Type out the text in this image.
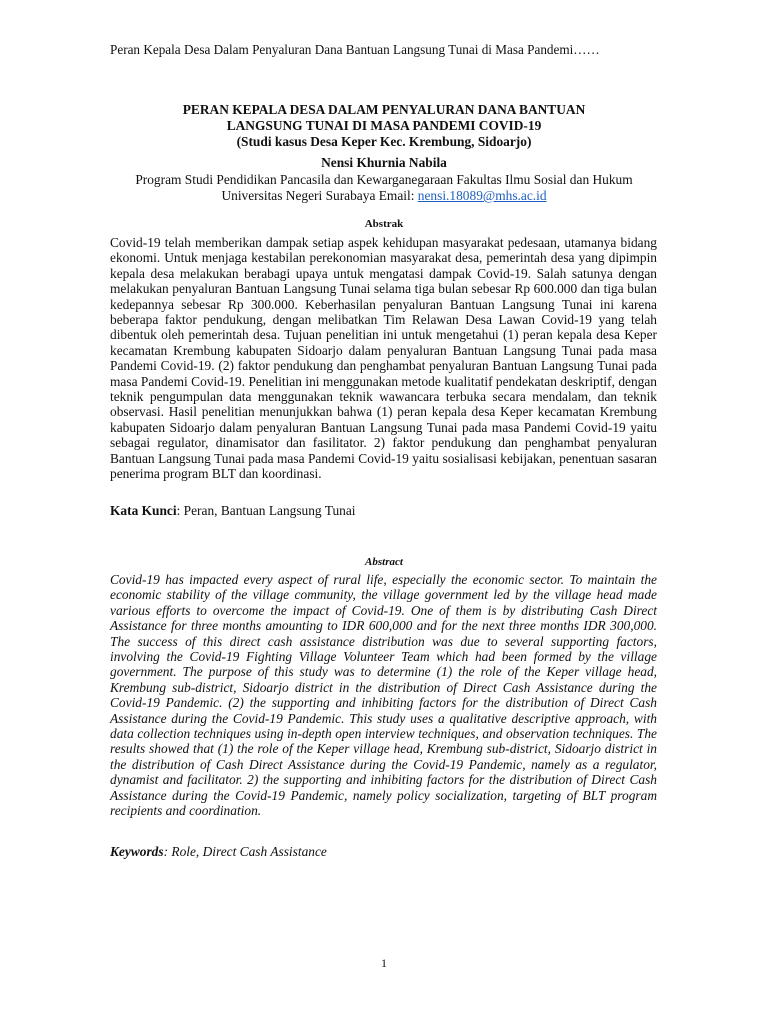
Peran Kepala Desa Dalam Penyaluran Dana Bantuan Langsung Tunai di Masa Pandemi……
PERAN KEPALA DESA DALAM PENYALURAN DANA BANTUAN
LANGSUNG TUNAI DI MASA PANDEMI COVID-19
(Studi kasus Desa Keper Kec. Krembung, Sidoarjo)
Nensi Khurnia Nabila
Program Studi Pendidikan Pancasila dan Kewarganegaraan Fakultas Ilmu Sosial dan Hukum
Universitas Negeri Surabaya Email: nensi.18089@mhs.ac.id
Abstrak
Covid-19 telah memberikan dampak setiap aspek kehidupan masyarakat pedesaan, utamanya bidang ekonomi. Untuk menjaga kestabilan perekonomian masyarakat desa, pemerintah desa yang dipimpin kepala desa melakukan berabagi upaya untuk mengatasi dampak Covid-19. Salah satunya dengan melakukan penyaluran Bantuan Langsung Tunai selama tiga bulan sebesar Rp 600.000 dan tiga bulan kedepannya sebesar Rp 300.000. Keberhasilan penyaluran Bantuan Langsung Tunai ini karena beberapa faktor pendukung, dengan melibatkan Tim Relawan Desa Lawan Covid-19 yang telah dibentuk oleh pemerintah desa. Tujuan penelitian ini untuk mengetahui (1) peran kepala desa Keper kecamatan Krembung kabupaten Sidoarjo dalam penyaluran Bantuan Langsung Tunai pada masa Pandemi Covid-19. (2) faktor pendukung dan penghambat penyaluran Bantuan Langsung Tunai pada masa Pandemi Covid-19. Penelitian ini menggunakan metode kualitatif pendekatan deskriptif, dengan teknik pengumpulan data menggunakan teknik wawancara terbuka secara mendalam, dan teknik observasi. Hasil penelitian menunjukkan bahwa (1) peran kepala desa Keper kecamatan Krembung kabupaten Sidoarjo dalam penyaluran Bantuan Langsung Tunai pada masa Pandemi Covid-19 yaitu sebagai regulator, dinamisator dan fasilitator. 2) faktor pendukung dan penghambat penyaluran Bantuan Langsung Tunai pada masa Pandemi Covid-19 yaitu sosialisasi kebijakan, penentuan sasaran penerima program BLT dan koordinasi.
Kata Kunci: Peran, Bantuan Langsung Tunai
Abstract
Covid-19 has impacted every aspect of rural life, especially the economic sector. To maintain the economic stability of the village community, the village government led by the village head made various efforts to overcome the impact of Covid-19. One of them is by distributing Cash Direct Assistance for three months amounting to IDR 600,000 and for the next three months IDR 300,000. The success of this direct cash assistance distribution was due to several supporting factors, involving the Covid-19 Fighting Village Volunteer Team which had been formed by the village government. The purpose of this study was to determine (1) the role of the Keper village head, Krembung sub-district, Sidoarjo district in the distribution of Direct Cash Assistance during the Covid-19 Pandemic. (2) the supporting and inhibiting factors for the distribution of Direct Cash Assistance during the Covid-19 Pandemic. This study uses a qualitative descriptive approach, with data collection techniques using in-depth open interview techniques, and observation techniques. The results showed that (1) the role of the Keper village head, Krembung sub-district, Sidoarjo district in the distribution of Cash Direct Assistance during the Covid-19 Pandemic, namely as a regulator, dynamist and facilitator. 2) the supporting and inhibiting factors for the distribution of Direct Cash Assistance during the Covid-19 Pandemic, namely policy socialization, targeting of BLT program recipients and coordination.
Keywords: Role, Direct Cash Assistance
1
